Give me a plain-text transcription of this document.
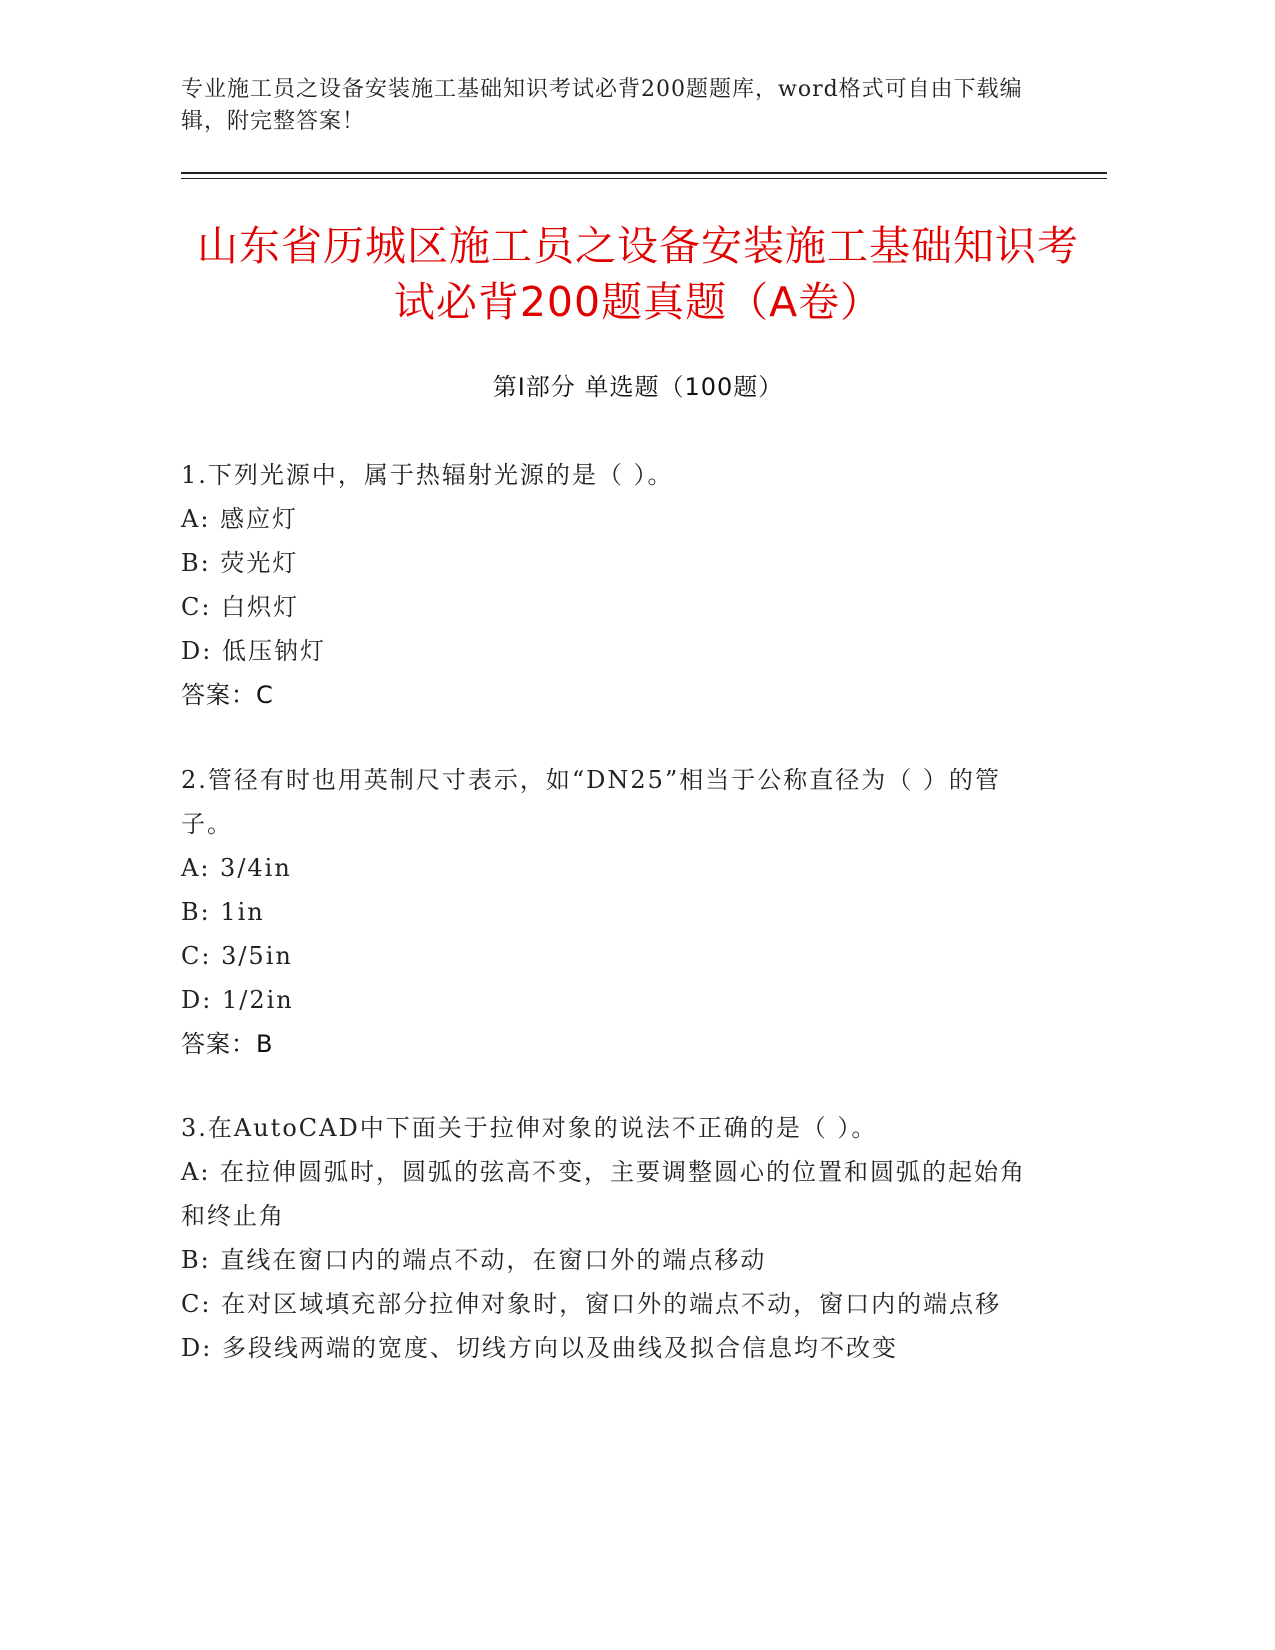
专业施工员之设备安装施工基础知识考试必背200题题库，word格式可自由下载编辑，附完整答案！
山东省历城区施工员之设备安装施工基础知识考试必背200题真题（A卷）
第I部分 单选题（100题）

1.下列光源中，属于热辐射光源的是（ ）。

A: 感应灯

B: 荧光灯

C: 白炽灯

D: 低压钠灯

答案：C

2.管径有时也用英制尺寸表示，如“DN25”相当于公称直径为（ ）的管子。

A: 3/4in

B: 1in

C: 3/5in

D: 1/2in

答案：B

3.在AutoCAD中下面关于拉伸对象的说法不正确的是（ ）。

A: 在拉伸圆弧时，圆弧的弦高不变，主要调整圆心的位置和圆弧的起始角和终止角

B: 直线在窗口内的端点不动，在窗口外的端点移动

C: 在对区域填充部分拉伸对象时，窗口外的端点不动，窗口内的端点移

D: 多段线两端的宽度、切线方向以及曲线及拟合信息均不改变
